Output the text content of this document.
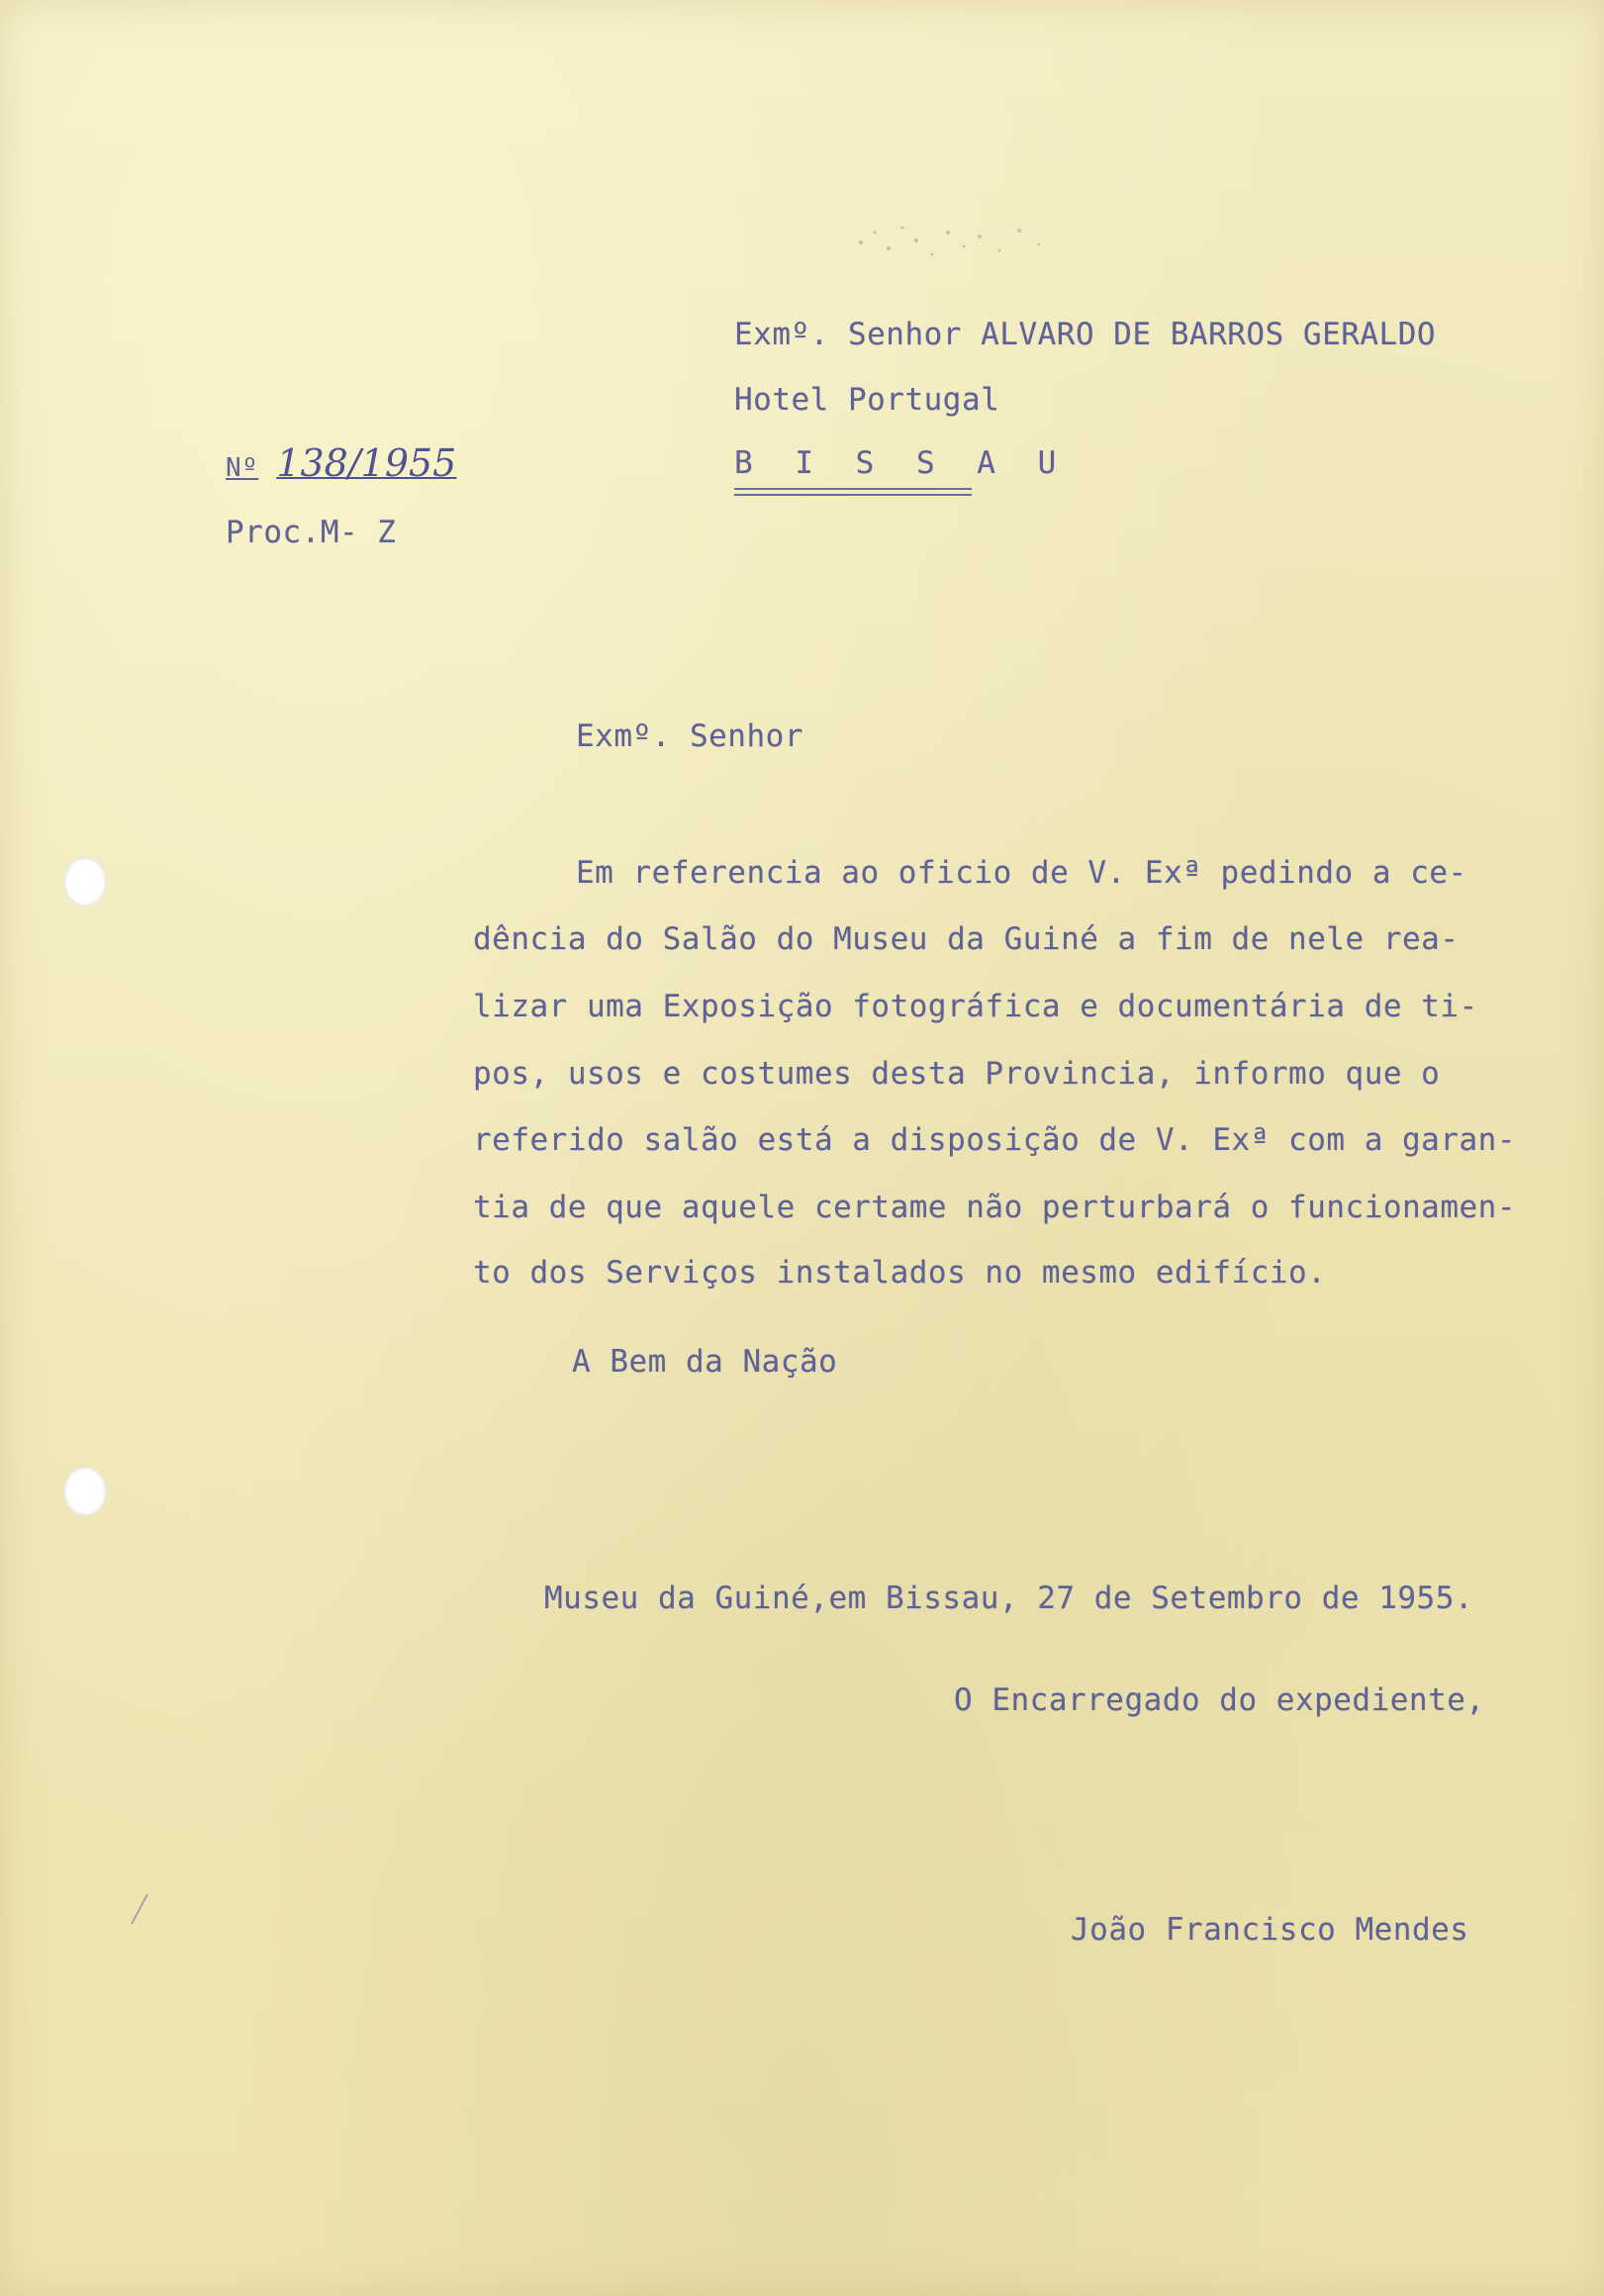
Exmº. Senhor ALVARO DE BARROS GERALDO
Hotel Portugal
B I S S A U
Nº 138/1955
Proc.M- Z
Exmº. Senhor
Em referencia ao oficio de V. Exª pedindo a ce-
dência do Salão do Museu da Guiné a fim de nele rea-
lizar uma Exposição fotográfica e documentária de ti-
pos, usos e costumes desta Provincia, informo que o
referido salão está a disposição de V. Exª com a garan-
tia de que aquele certame não perturbará o funcionamen-
to dos Serviços instalados no mesmo edifício.
A Bem da Nação
Museu da Guiné,em Bissau, 27 de Setembro de 1955.
O Encarregado do expediente,
João Francisco Mendes
